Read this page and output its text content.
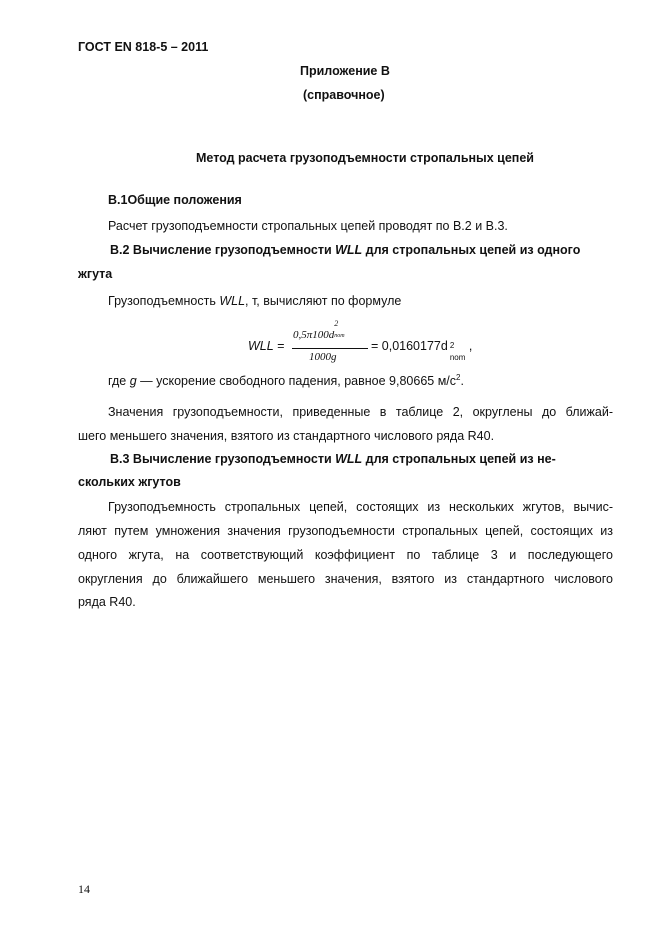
ГОСТ EN 818-5 – 2011
Приложение В
(справочное)
Метод расчета грузоподъемности стропальных цепей
В.1Общие положения
Расчет грузоподъемности стропальных цепей проводят по В.2 и В.3.
В.2 Вычисление грузоподъемности WLL для стропальных цепей из одного
жгута
Грузоподъемность WLL, т, вычисляют по формуле
WLL =
0,5π100d
2
nom
1000g
= 0,0160177d 2
nom
,
где g — ускорение свободного падения, равное 9,80665 $м/с^2$.
Значения грузоподъемности, приведенные в таблице 2, округлены до ближай-
шего меньшего значения, взятого из стандартного числового ряда R40.
В.3 Вычисление грузоподъемности WLL для стропальных цепей из не-
скольких жгутов
Грузоподъемность стропальных цепей, состоящих из нескольких жгутов, вычис-
ляют путем умножения значения грузоподъемности стропальных цепей, состоящих из
одного жгута, на соответствующий коэффициент по таблице 3 и последующего
округления до ближайшего меньшего значения, взятого из стандартного числового
ряда R40.
14
